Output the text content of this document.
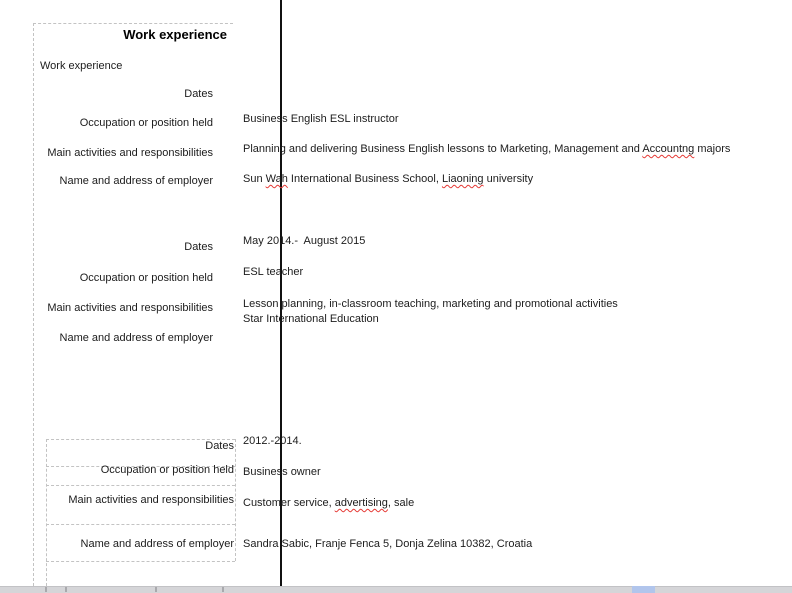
Work experience
Work experience
Dates
Business English ESL instructor
Occupation or position held
Planning and delivering Business English lessons to Marketing, Management and Accountng majors
Main activities and responsibilities
Sun Wah International Business School, Liaoning university
Name and address of employer
May 2014.-  August 2015
Dates
ESL teacher
Occupation or position held
Lesson planning, in-classroom teaching, marketing and promotional activities
Star International Education
Main activities and responsibilities
Name and address of employer
2012.-2014.
Dates
Business owner
Occupation or position held
Customer service, advertising, sale
Main activities and responsibilities
Sandra Sabic, Franje Fenca 5, Donja Zelina 10382, Croatia
Name and address of employer
